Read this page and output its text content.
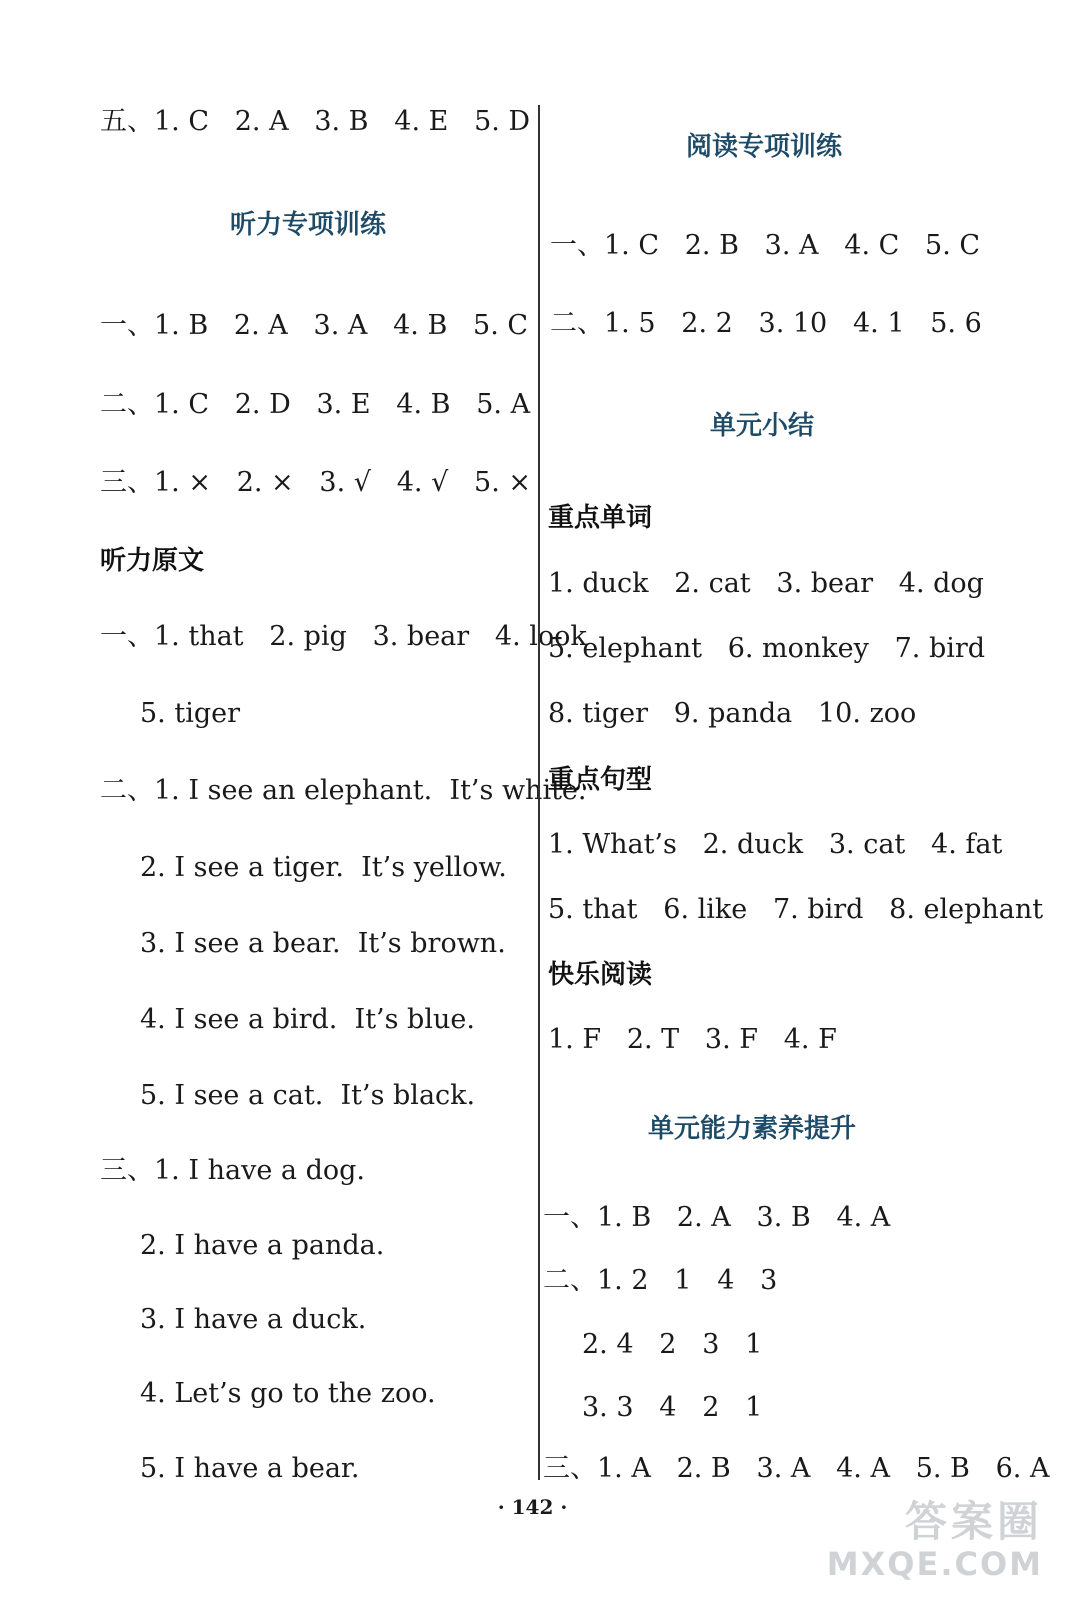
五、1. C   2. A   3. B   4. E   5. D
听力专项训练
一、1. B   2. A   3. A   4. B   5. C
二、1. C   2. D   3. E   4. B   5. A
三、1. ×   2. ×   3. √   4. √   5. ×
听力原文
一、1. that   2. pig   3. bear   4. look
5. tiger
二、1. I see an elephant.  It’s white.
2. I see a tiger.  It’s yellow.
3. I see a bear.  It’s brown.
4. I see a bird.  It’s blue.
5. I see a cat.  It’s black.
三、1. I have a dog.
2. I have a panda.
3. I have a duck.
4. Let’s go to the zoo.
5. I have a bear.
阅读专项训练
一、1. C   2. B   3. A   4. C   5. C
二、1. 5   2. 2   3. 10   4. 1   5. 6
单元小结
重点单词
1. duck   2. cat   3. bear   4. dog
5. elephant   6. monkey   7. bird
8. tiger   9. panda   10. zoo
重点句型
1. What’s   2. duck   3. cat   4. fat
5. that   6. like   7. bird   8. elephant
快乐阅读
1. F   2. T   3. F   4. F
单元能力素养提升
一、1. B   2. A   3. B   4. A
二、1. 2   1   4   3
2. 4   2   3   1
3. 3   4   2   1
三、1. A   2. B   3. A   4. A   5. B   6. A
· 142 ·	答案圈
MXQE.COM
